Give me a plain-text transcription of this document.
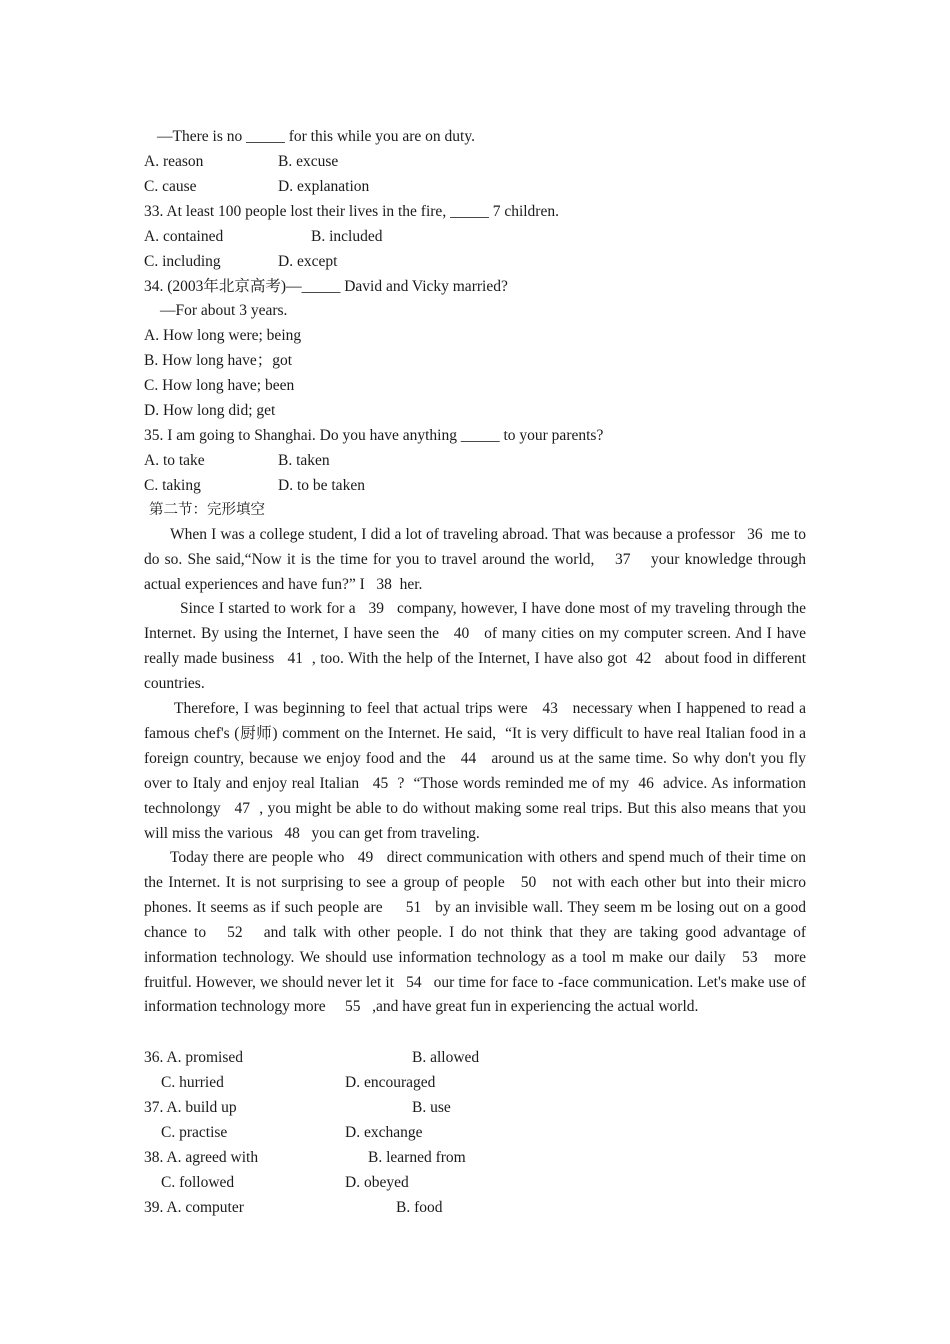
—There is no _____ for this while you are on duty.
A. reason	B. excuse
C. cause	D. explanation
33. At least 100 people lost their lives in the fire, _____ 7 children.
A. contained	B. included
C. including	D. except
34. (2003年北京高考)—_____ David and Vicky married?
—For about 3 years.
A. How long were; being
B. How long have；got
C. How long have; been
D. How long did; get
35. I am going to Shanghai. Do you have anything _____ to your parents?
A. to take	B. taken
C. taking	D. to be taken
第二节：完形填空
When I was a college student, I did a lot of traveling abroad. That was because a professor   36  me to do so. She said,“Now it is the time for you to travel around the world,    37    your knowledge through actual experiences and have fun?” I   38  her.
Since I started to work for a   39   company, however, I have done most of my traveling through the Internet. By using the Internet, I have seen the   40   of many cities on my computer screen. And I have really made business   41  , too. With the help of the Internet, I have also got  42   about food in different countries.
Therefore, I was beginning to feel that actual trips were   43   necessary when I happened to read a famous chef's (厨师) comment on the Internet. He said,  “It is very difficult to have real Italian food in a foreign country, because we enjoy food and the   44   around us at the same time. So why don't you fly over to Italy and enjoy real Italian   45  ?  “Those words reminded me of my  46  advice. As information technolongy   47  , you might be able to do without making some real trips. But this also means that you will miss the various   48   you can get from traveling.
Today there are people who   49   direct communication with others and spend much of their time on the Internet. It is not surprising to see a group of people   50   not with each other but into their micro phones. It seems as if such people are     51   by an invisible wall. They seem m be losing out on a good chance to   52   and talk with other people. I do not think that they are taking good advantage of information technology. We should use information technology as a tool m make our daily   53   more fruitful. However, we should never let it   54   our time for face to -face communication. Let's make use of information technology more     55   ,and have great fun in experiencing the actual world.
36. A. promised	B. allowed
C. hurried	D. encouraged
37. A. build up	B. use
C. practise	D. exchange
38. A. agreed with	B. learned from
C. followed	D. obeyed
39. A. computer	B. food
